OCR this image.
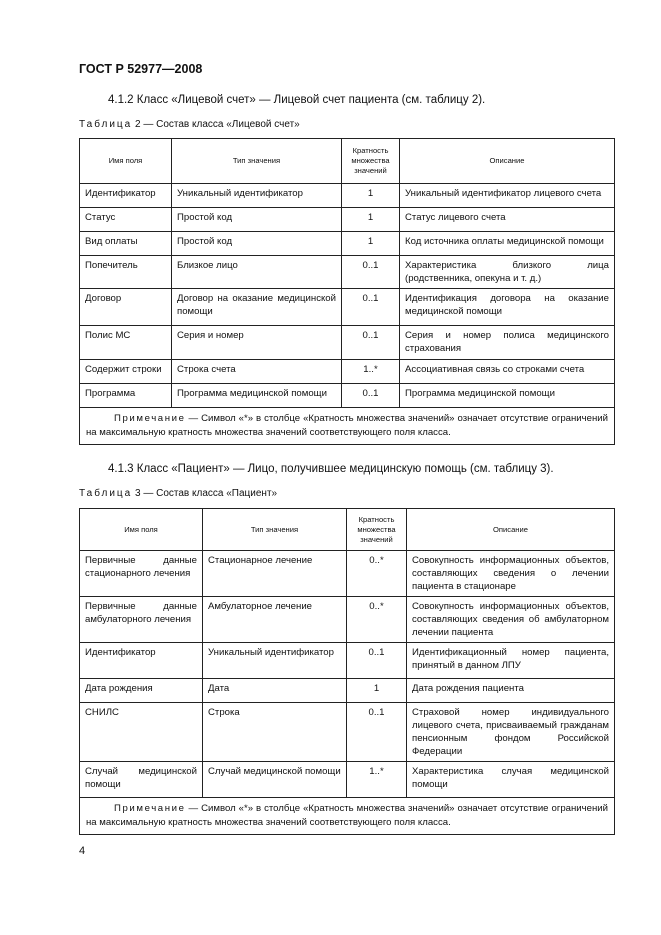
ГОСТ Р 52977—2008
4.1.2 Класс «Лицевой счет» — Лицевой счет пациента (см. таблицу 2).
Таблица 2 — Состав класса «Лицевой счет»
Имя поля	Тип значения	Кратность множества значений	Описание
Идентификатор	Уникальный идентификатор	1	Уникальный идентификатор лицевого счета
Статус	Простой код	1	Статус лицевого счета
Вид оплаты	Простой код	1	Код источника оплаты медицинской помощи
Попечитель	Близкое лицо	0..1	Характеристика близкого лица (родственника, опекуна и т. д.)
Договор	Договор на оказание медицинской помощи	0..1	Идентификация договора на оказание медицинской помощи
Полис МС	Серия и номер	0..1	Серия и номер полиса медицинского страхования
Содержит строки	Строка счета	1..*	Ассоциативная связь со строками счета
Программа	Программа медицинской помощи	0..1	Программа медицинской помощи
Примечание — Символ «*» в столбце «Кратность множества значений» означает отсутствие ограничений на максимальную кратность множества значений соответствующего поля класса.			
4.1.3 Класс «Пациент» — Лицо, получившее медицинскую помощь (см. таблицу 3).
Таблица 3 — Состав класса «Пациент»
Имя поля	Тип значения	Кратность множества значений	Описание
Первичные данные стационарного лечения	Стационарное лечение	0..*	Совокупность информационных объектов, составляющих сведения о лечении пациента в стационаре
Первичные данные амбулаторного лечения	Амбулаторное лечение	0..*	Совокупность информационных объектов, составляющих сведения об амбулаторном лечении пациента
Идентификатор	Уникальный идентификатор	0..1	Идентификационный номер пациента, принятый в данном ЛПУ
Дата рождения	Дата	1	Дата рождения пациента
СНИЛС	Строка	0..1	Страховой номер индивидуального лицевого счета, присваиваемый гражданам пенсионным фондом Российской Федерации
Случай медицинской помощи	Случай медицинской помощи	1..*	Характеристика случая медицинской помощи
Примечание — Символ «*» в столбце «Кратность множества значений» означает отсутствие ограничений на максимальную кратность множества значений соответствующего поля класса.			
4
